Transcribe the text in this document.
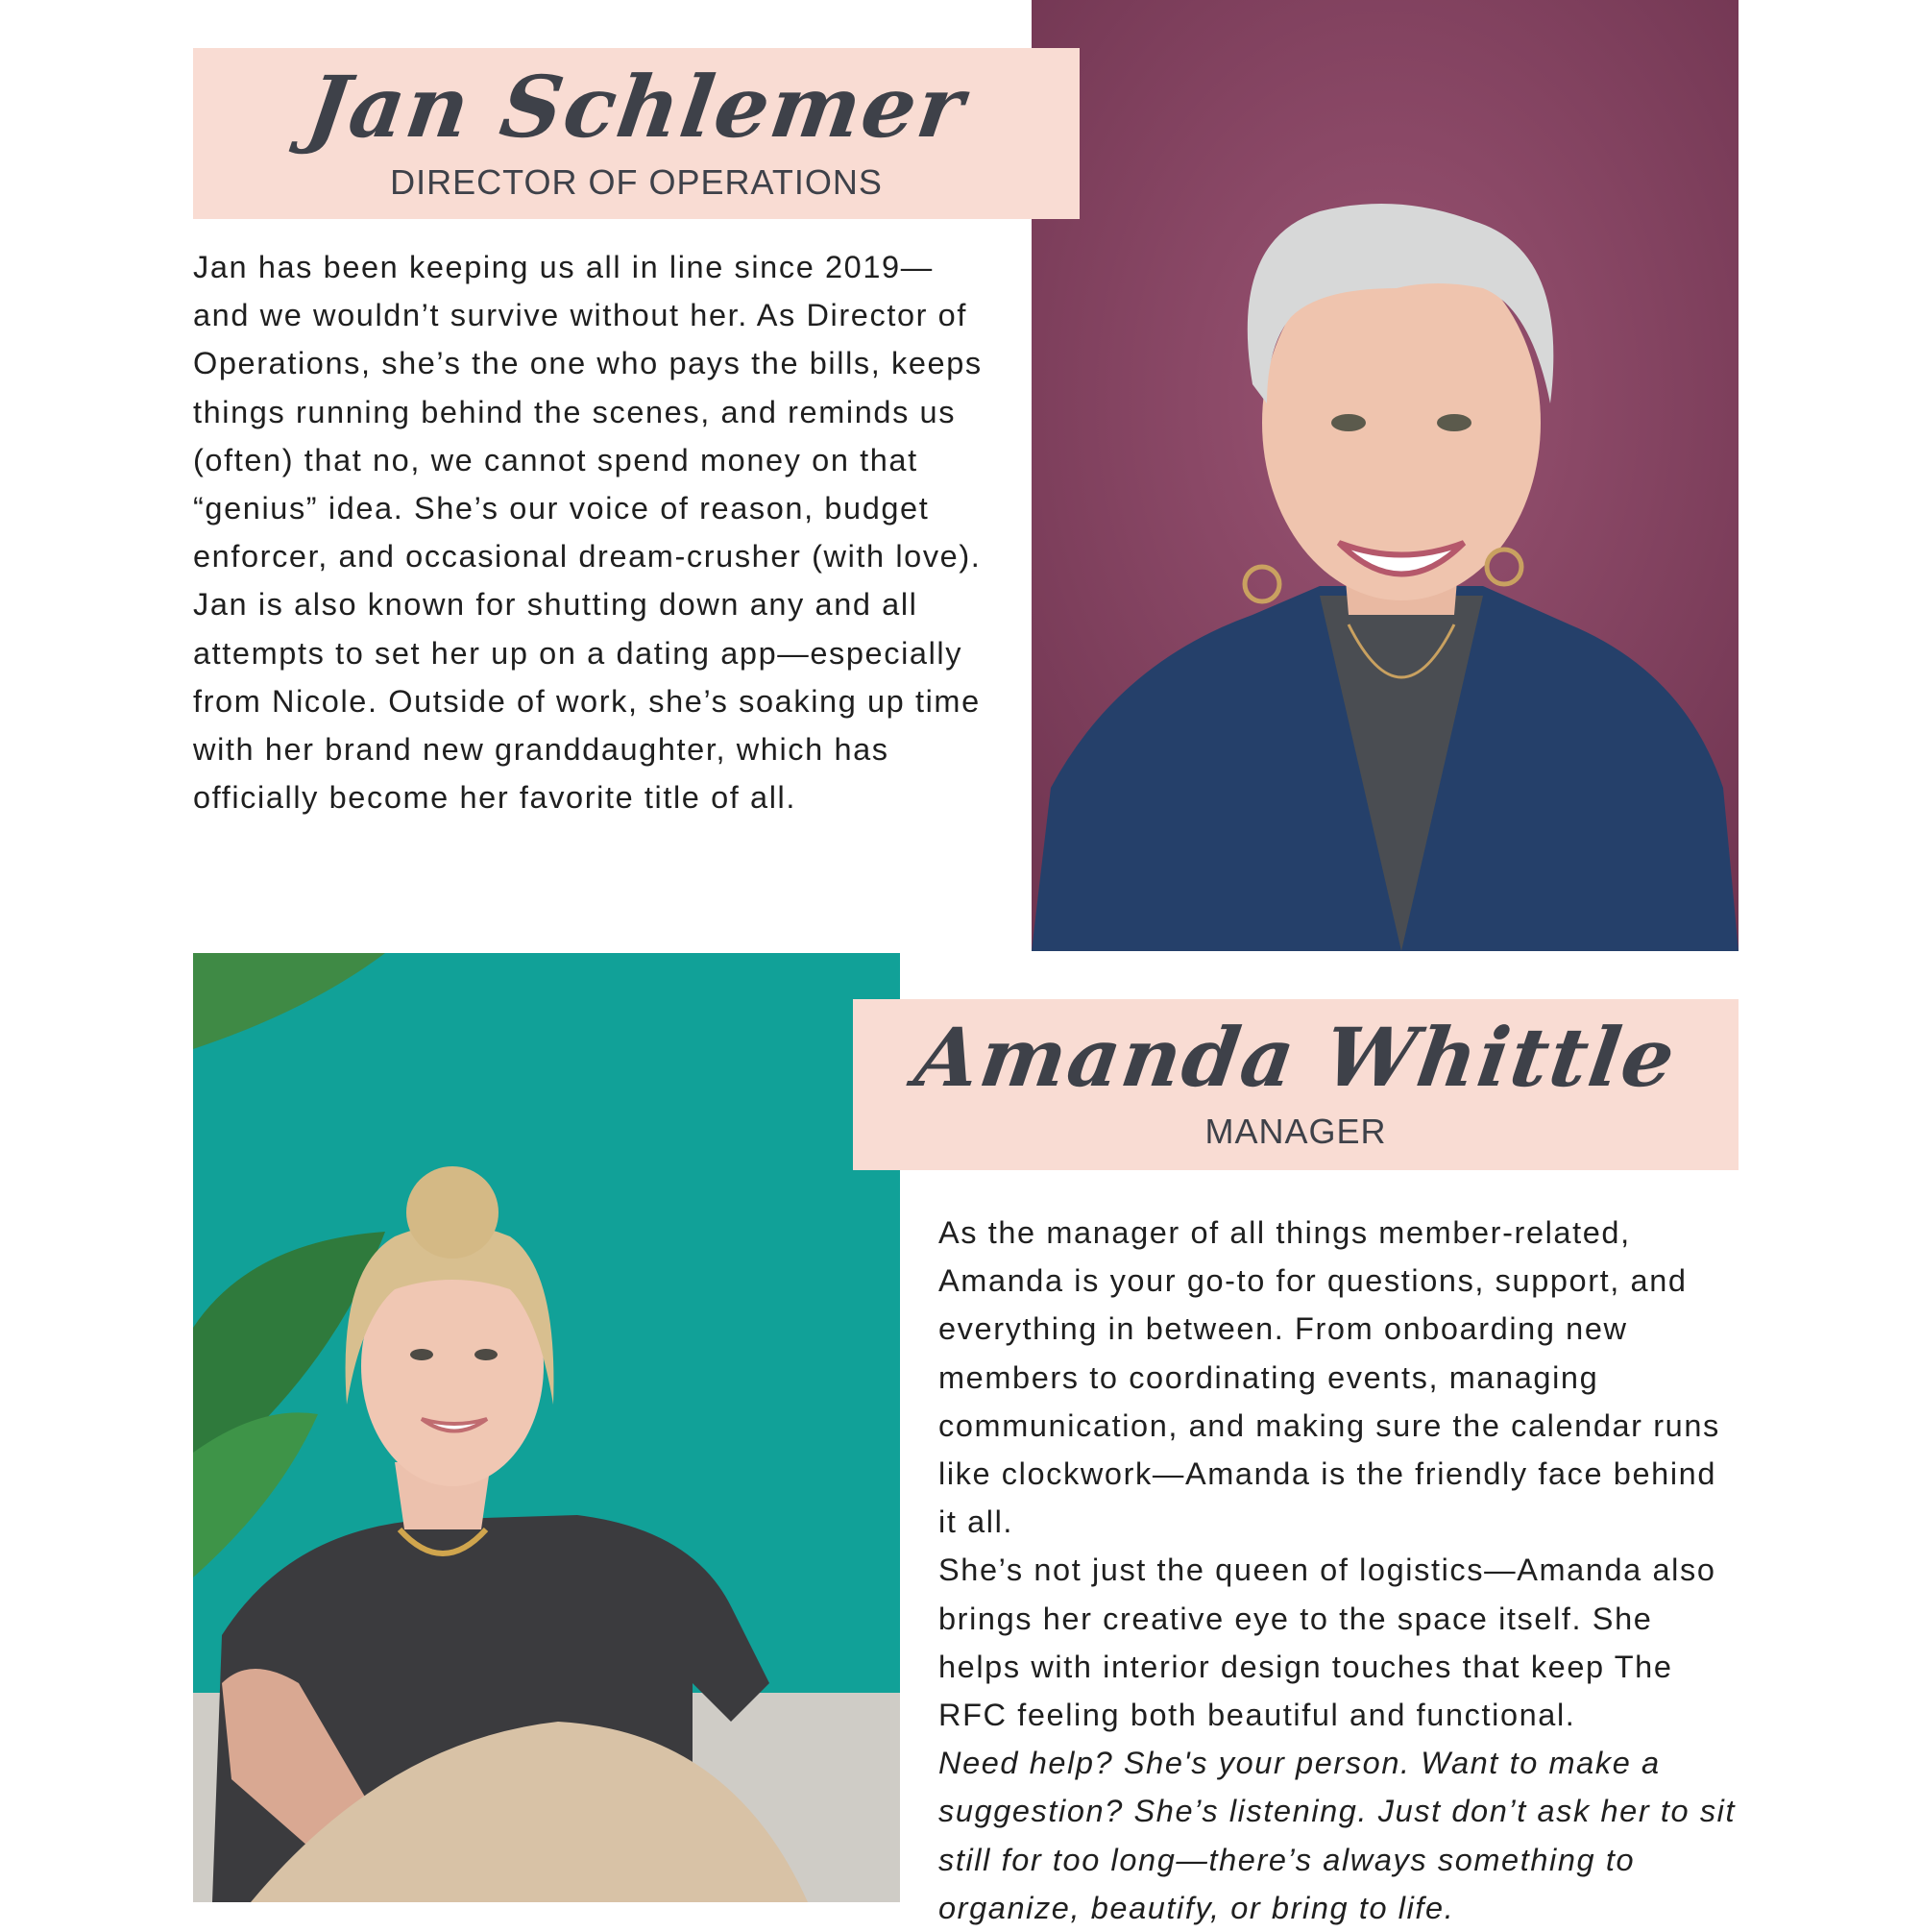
Jan Schlemer
DIRECTOR OF OPERATIONS

Jan has been keeping us all in line since 2019—and we wouldn’t survive without her. As Director of Operations, she’s the one who pays the bills, keeps things running behind the scenes, and reminds us (often) that no, we cannot spend money on that “genius” idea. She’s our voice of reason, budget enforcer, and occasional dream-crusher (with love).

Jan is also known for shutting down any and all attempts to set her up on a dating app—especially from Nicole. Outside of work, she’s soaking up time with her brand new granddaughter, which has officially become her favorite title of all.

Amanda Whittle
MANAGER

As the manager of all things member-related, Amanda is your go-to for questions, support, and everything in between. From onboarding new members to coordinating events, managing communication, and making sure the calendar runs like clockwork—Amanda is the friendly face behind it all.

She’s not just the queen of logistics—Amanda also brings her creative eye to the space itself. She helps with interior design touches that keep The RFC feeling both beautiful and functional.

Need help? She's your person. Want to make a suggestion? She’s listening. Just don’t ask her to sit still for too long—there’s always something to organize, beautify, or bring to life.
